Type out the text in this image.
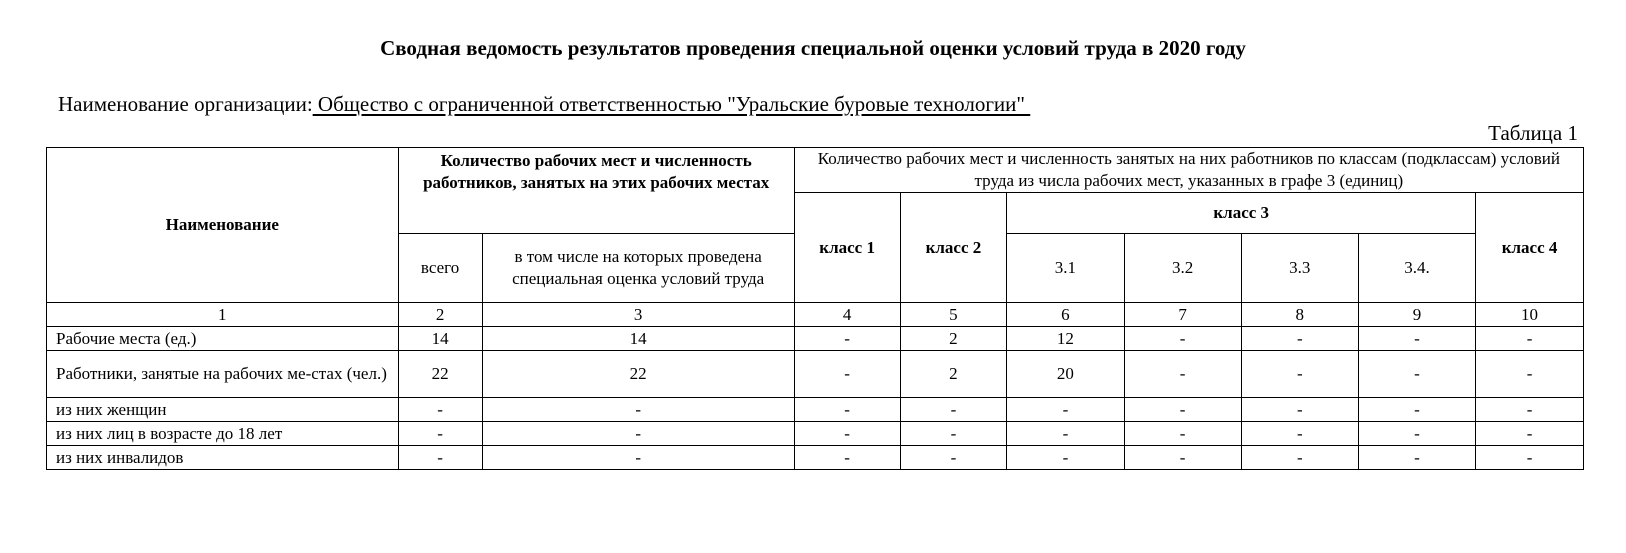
Сводная ведомость результатов проведения специальной оценки условий труда в 2020 году
Наименование организации: Общество с ограниченной ответственностью "Уральские буровые технологии"
Таблица 1
Наименование	Количество рабочих мест и численность работников, занятых на этих рабочих местах		Количество рабочих мест и численность занятых на них работников по классам (подклассам) условий труда из числа рабочих мест, указанных в графе 3 (единиц)						
			класс 1	класс 2	класс 3				класс 4
	всего	в том числе на которых проведена специальная оценка условий труда			3.1	3.2	3.3	3.4.	
1	2	3	4	5	6	7	8	9	10
Рабочие места (ед.)	14	14	-	2	12	-	-	-	-
Работники, занятые на рабочих ме-стах (чел.)	22	22	-	2	20	-	-	-	-
из них женщин	-	-	-	-	-	-	-	-	-
из них лиц в возрасте до 18 лет	-	-	-	-	-	-	-	-	-
из них инвалидов	-	-	-	-	-	-	-	-	-
